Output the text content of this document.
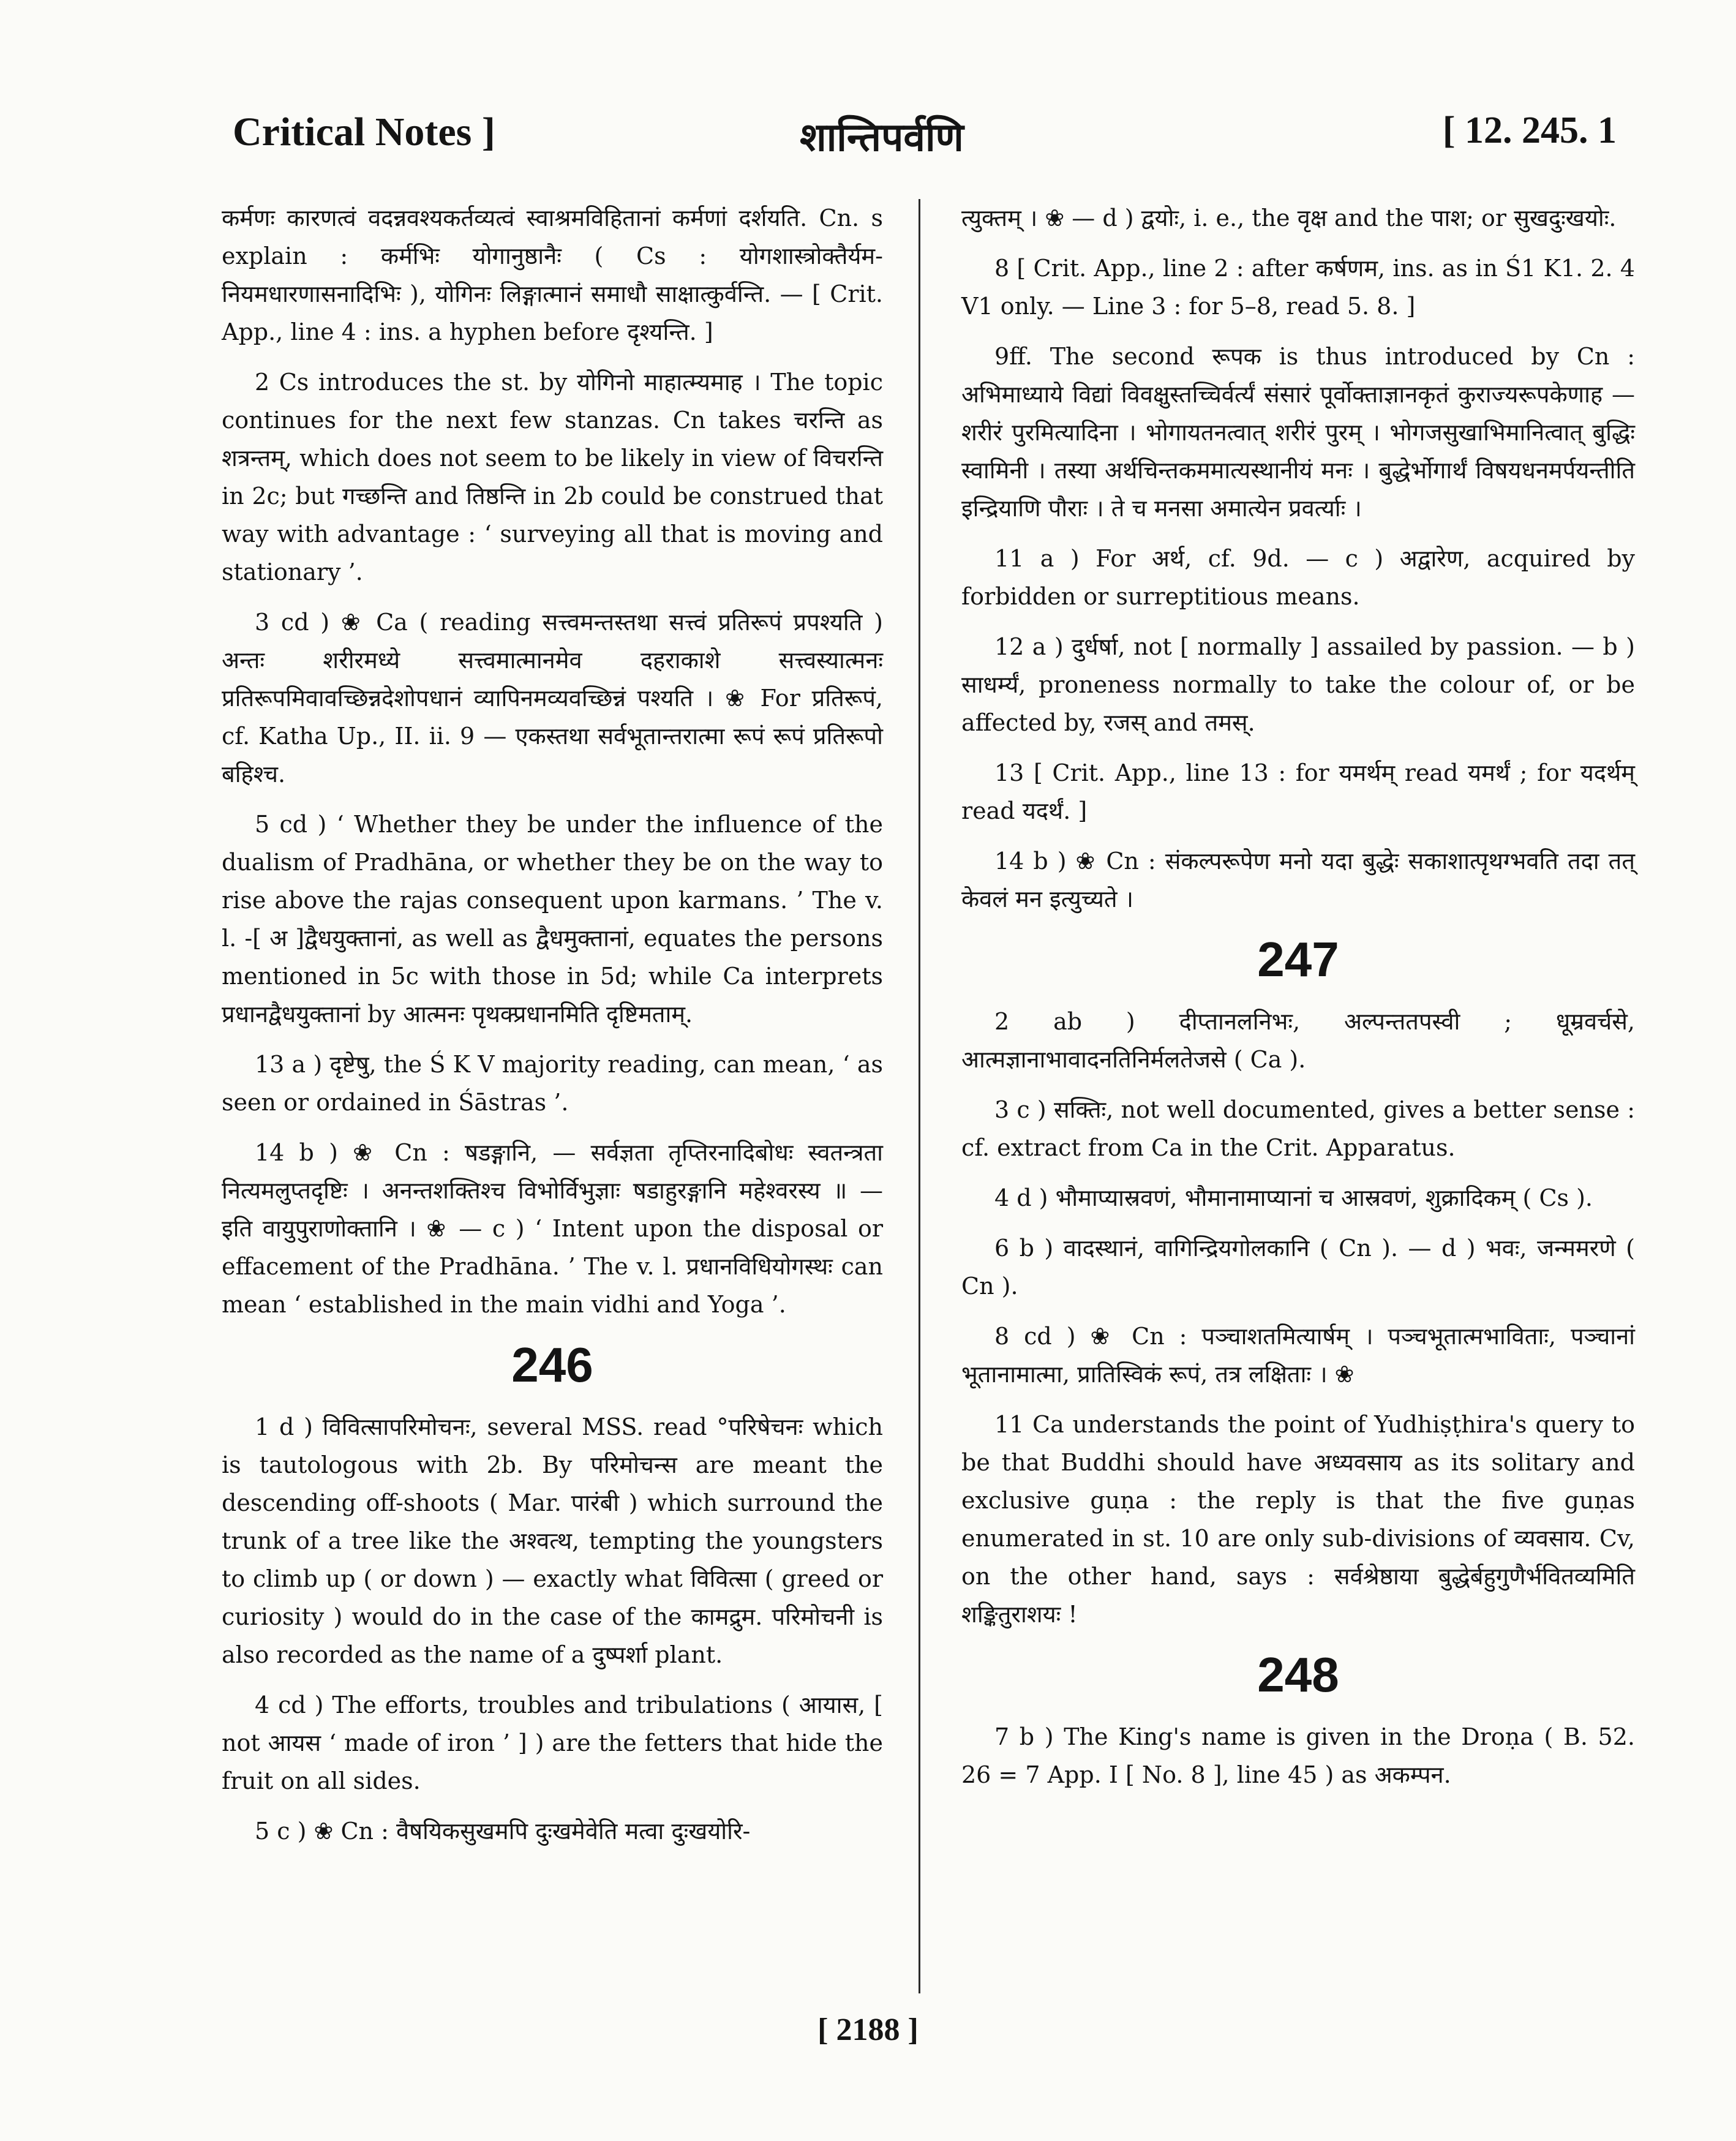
Critical Notes ]	शान्तिपर्वणि	[ 12. 245. 1

कर्मणः कारणत्वं वदन्नवश्यकर्तव्यत्वं स्वाश्रमविहितानां कर्मणां दर्शयति. Cn. s explain : कर्मभिः योगानुष्ठानैः ( Cs : योगशास्त्रोक्तैर्यम-नियमधारणासनादिभिः ), योगिनः लिङ्गात्मानं समाधौ साक्षात्कुर्वन्ति. — [ Crit. App., line 4 : ins. a hyphen before दृश्यन्ति. ]

2 Cs introduces the st. by योगिनो माहात्म्यमाह । The topic continues for the next few stanzas. Cn takes चरन्ति as शत्रन्तम्, which does not seem to be likely in view of विचरन्ति in 2c; but गच्छन्ति and तिष्ठन्ति in 2b could be construed that way with advantage : ‘ surveying all that is moving and stationary ’.

3 cd ) ❀ Ca ( reading सत्त्वमन्तस्तथा सत्त्वं प्रतिरूपं प्रपश्यति ) अन्तः शरीरमध्ये सत्त्वमात्मानमेव दहराकाशे सत्त्वस्यात्मनः प्रतिरूपमिवावच्छिन्नदेशोपधानं व्यापिनमव्यवच्छिन्नं पश्यति । ❀ For प्रतिरूपं, cf. Katha Up., II. ii. 9 — एकस्तथा सर्वभूतान्तरात्मा रूपं रूपं प्रतिरूपो बहिश्च.

5 cd ) ‘ Whether they be under the influence of the dualism of Pradhāna, or whether they be on the way to rise above the rajas consequent upon karmans. ’ The v. l. -[ अ ]द्वैधयुक्तानां, as well as द्वैधमुक्तानां, equates the persons mentioned in 5c with those in 5d; while Ca interprets प्रधानद्वैधयुक्तानां by आत्मनः पृथक्प्रधानमिति दृष्टिमताम्.

13 a ) दृष्टेषु, the Ś K V majority reading, can mean, ‘ as seen or ordained in Śāstras ’.

14 b ) ❀ Cn : षडङ्गानि, — सर्वज्ञता तृप्तिरनादिबोधः स्वतन्त्रता नित्यमलुप्तदृष्टिः । अनन्तशक्तिश्च विभोर्विभुज्ञाः षडाहुरङ्गानि महेश्वरस्य ॥ — इति वायुपुराणोक्तानि । ❀ — c ) ‘ Intent upon the disposal or effacement of the Pradhāna. ’ The v. l. प्रधानविधियोगस्थः can mean ‘ established in the main vidhi and Yoga ’.

246

1 d ) विवित्सापरिमोचनः, several MSS. read °परिषेचनः which is tautologous with 2b. By परिमोचन्स are meant the descending off-shoots ( Mar. पारंबी ) which surround the trunk of a tree like the अश्वत्थ, tempting the youngsters to climb up ( or down ) — exactly what विवित्सा ( greed or curiosity ) would do in the case of the कामद्रुम. परिमोचनी is also recorded as the name of a दुष्पर्शा plant.

4 cd ) The efforts, troubles and tribulations ( आयास, [ not आयस ‘ made of iron ’ ] ) are the fetters that hide the fruit on all sides.

5 c ) ❀ Cn : वैषयिकसुखमपि दुःखमेवेति मत्वा दुःखयोरि-

त्युक्तम् । ❀ — d ) द्वयोः, i. e., the वृक्ष and the पाश; or सुखदुःखयोः.

8 [ Crit. App., line 2 : after कर्षणम, ins. as in Ś1 K1. 2. 4 V1 only. — Line 3 : for 5–8, read 5. 8. ]

9ff. The second रूपक is thus introduced by Cn : अभिमाध्याये विद्यां विवक्षुस्तच्चिर्वर्त्यं संसारं पूर्वोक्ताज्ञानकृतं कुराज्यरूपकेणाह — शरीरं पुरमित्यादिना । भोगायतनत्वात् शरीरं पुरम् । भोगजसुखाभिमानित्वात् बुद्धिः स्वामिनी । तस्या अर्थचिन्तकममात्यस्थानीयं मनः । बुद्धेर्भोगार्थं विषयधनमर्पयन्तीति इन्द्रियाणि पौराः । ते च मनसा अमात्येन प्रवर्त्याः ।

11 a ) For अर्थ, cf. 9d. — c ) अद्वारेण, acquired by forbidden or surreptitious means.

12 a ) दुर्धर्षा, not [ normally ] assailed by passion. — b ) साधर्म्यं, proneness normally to take the colour of, or be affected by, रजस् and तमस्.

13 [ Crit. App., line 13 : for यमर्थम् read यमर्थं ; for यदर्थम् read यदर्थं. ]

14 b ) ❀ Cn : संकल्परूपेण मनो यदा बुद्धेः सकाशात्पृथग्भवति तदा तत् केवलं मन इत्युच्यते ।

247

2 ab ) दीप्तानलनिभः, अल्पन्ततपस्वी ; धूम्रवर्चसे, आत्मज्ञानाभावादनतिनिर्मलतेजसे ( Ca ).

3 c ) सक्तिः, not well documented, gives a better sense : cf. extract from Ca in the Crit. Apparatus.

4 d ) भौमाप्यास्रवणं, भौमानामाप्यानां च आस्रवणं, शुक्रादिकम् ( Cs ).

6 b ) वादस्थानं, वागिन्द्रियगोलकानि ( Cn ). — d ) भवः, जन्ममरणे ( Cn ).

8 cd ) ❀ Cn : पञ्चाशतमित्यार्षम् । पञ्चभूतात्मभाविताः, पञ्चानां भूतानामात्मा, प्रातिस्विकं रूपं, तत्र लक्षिताः । ❀

11 Ca understands the point of Yudhiṣṭhira's query to be that Buddhi should have अध्यवसाय as its solitary and exclusive guṇa : the reply is that the five guṇas enumerated in st. 10 are only sub-divisions of व्यवसाय. Cv, on the other hand, says : सर्वश्रेष्ठाया बुद्धेर्बहुगुणैर्भवितव्यमिति शङ्कितुराशयः !

248

7 b ) The King's name is given in the Droṇa ( B. 52. 26 = 7 App. I [ No. 8 ], line 45 ) as अकम्पन.

[ 2188 ]
